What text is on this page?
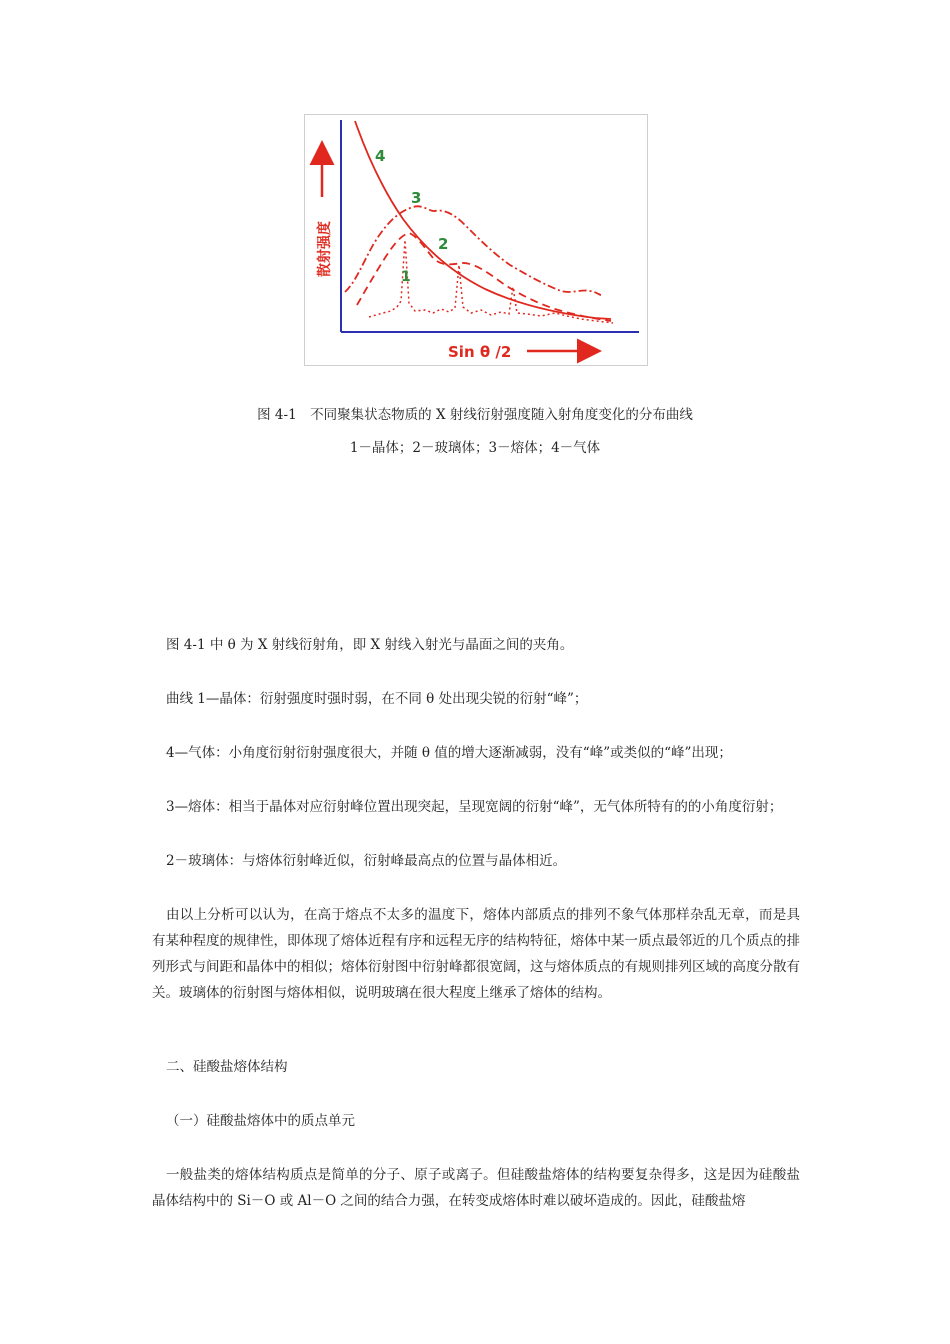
4
3
2
1
散射强度
Sin θ /2
图 4-1　不同聚集状态物质的 X 射线衍射强度随入射角度变化的分布曲线
1－晶体；2－玻璃体；3－熔体；4－气体
图 4-1 中 θ 为 X 射线衍射角，即 X 射线入射光与晶面之间的夹角。
曲线 1—晶体：衍射强度时强时弱，在不同 θ 处出现尖锐的衍射“峰”；
4—气体：小角度衍射衍射强度很大，并随 θ 值的增大逐渐减弱，没有“峰”或类似的“峰”出现；
3—熔体：相当于晶体对应衍射峰位置出现突起，呈现宽阔的衍射“峰”，无气体所特有的的小角度衍射；
2－玻璃体：与熔体衍射峰近似，衍射峰最高点的位置与晶体相近。
由以上分析可以认为，在高于熔点不太多的温度下，熔体内部质点的排列不象气体那样杂乱无章，而是具有某种程度的规律性，即体现了熔体近程有序和远程无序的结构特征，熔体中某一质点最邻近的几个质点的排列形式与间距和晶体中的相似；熔体衍射图中衍射峰都很宽阔，这与熔体质点的有规则排列区域的高度分散有关。玻璃体的衍射图与熔体相似，说明玻璃在很大程度上继承了熔体的结构。
二、硅酸盐熔体结构
（一）硅酸盐熔体中的质点单元
一般盐类的熔体结构质点是简单的分子、原子或离子。但硅酸盐熔体的结构要复杂得多，这是因为硅酸盐晶体结构中的 Si－O 或 Al－O 之间的结合力强，在转变成熔体时难以破坏造成的。因此，硅酸盐熔
